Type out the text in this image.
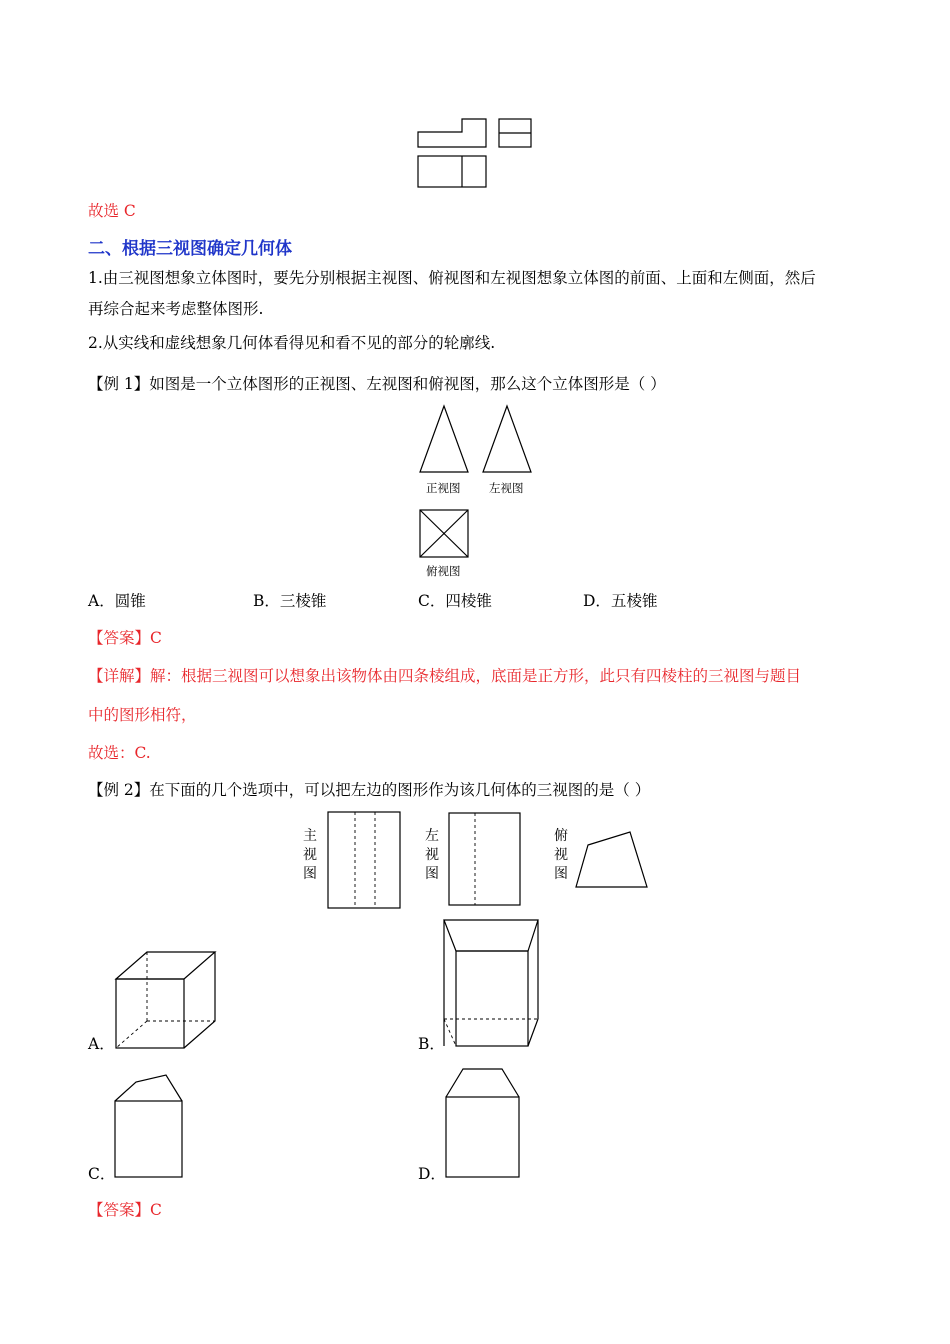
故选 C
二、根据三视图确定几何体
1.由三视图想象立体图时，要先分别根据主视图、俯视图和左视图想象立体图的前面、上面和左侧面，然后
再综合起来考虑整体图形.
2.从实线和虚线想象几何体看得见和看不见的部分的轮廓线.
【例 1】如图是一个立体图形的正视图、左视图和俯视图，那么这个立体图形是（ ）
正视图 左视图
俯视图
A．圆锥	B．三棱锥	C．四棱锥	D．五棱锥
【答案】C
【详解】解：根据三视图可以想象出该物体由四条棱组成，底面是正方形，此只有四棱柱的三视图与题目
中的图形相符，
故选：C.
【例 2】在下面的几个选项中，可以把左边的图形作为该几何体的三视图的是（ ）
主视图
左视图
俯视图
A．	B．
C．	D．
【答案】C
